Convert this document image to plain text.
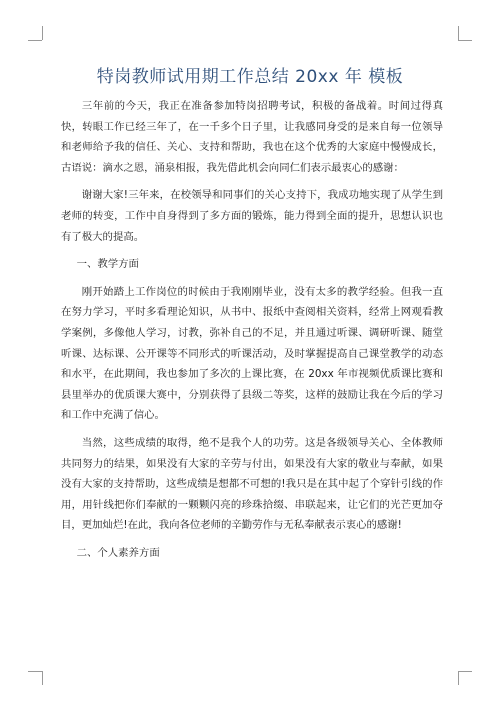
特岗教师试用期工作总结 20xx 年 模板

三年前的今天，我正在准备参加特岗招聘考试，积极的备战着。时间过得真快，转眼工作已经三年了，在一千多个日子里，让我感同身受的是来自每一位领导和老师给予我的信任、关心、支持和帮助，我也在这个优秀的大家庭中慢慢成长，古语说：滴水之恩，涌泉相报，我先借此机会向同仁们表示最衷心的感谢：

谢谢大家!三年来，在校领导和同事们的关心支持下，我成功地实现了从学生到老师的转变，工作中自身得到了多方面的锻炼，能力得到全面的提升，思想认识也有了极大的提高。

一、教学方面

刚开始踏上工作岗位的时候由于我刚刚毕业，没有太多的教学经验。但我一直在努力学习，平时多看理论知识，从书中、报纸中查阅相关资料，经常上网观看教学案例，多像他人学习，讨教，弥补自己的不足，并且通过听课、调研听课、随堂听课、达标课、公开课等不同形式的听课活动，及时掌握提高自己课堂教学的动态和水平，在此期间，我也参加了多次的上课比赛，在 20xx 年市视频优质课比赛和县里举办的优质课大赛中，分别获得了县级二等奖，这样的鼓励让我在今后的学习和工作中充满了信心。

当然，这些成绩的取得，绝不是我个人的功劳。这是各级领导关心、全体教师共同努力的结果，如果没有大家的辛劳与付出，如果没有大家的敬业与奉献，如果没有大家的支持帮助，这些成绩是想都不可想的!我只是在其中起了个穿针引线的作用，用针线把你们奉献的一颗颗闪亮的珍珠拾缀、串联起来，让它们的光芒更加夺目，更加灿烂!在此，我向各位老师的辛勤劳作与无私奉献表示衷心的感谢!

二、个人素养方面
